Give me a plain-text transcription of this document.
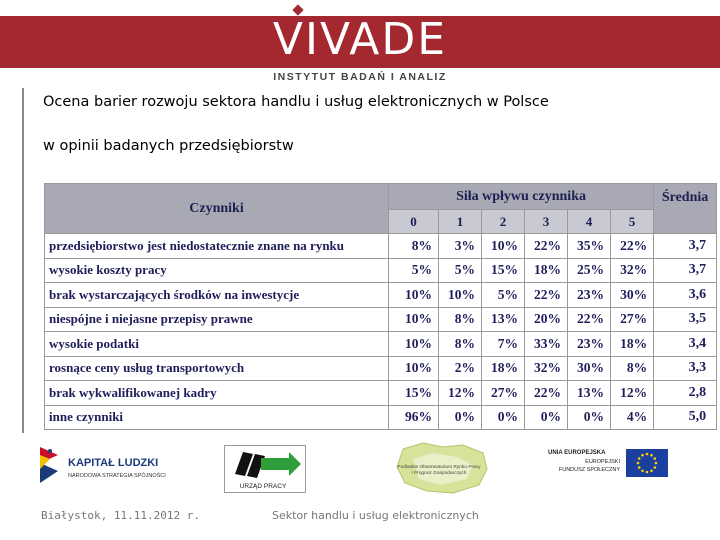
VIVADE
INSTYTUT BADAŃ I ANALIZ
Ocena barier rozwoju sektora handlu i usług elektronicznych w Polsce
w opinii badanych przedsiębiorstw
Czynniki	Siła wpływu czynnika						Średnia
	0	1	2	3	4	5	
przedsiębiorstwo jest niedostatecznie znane na rynku	8%	3%	10%	22%	35%	22%	3,7
wysokie koszty pracy	5%	5%	15%	18%	25%	32%	3,7
brak wystarczających środków na inwestycje	10%	10%	5%	22%	23%	30%	3,6
niespójne i niejasne przepisy prawne	10%	8%	13%	20%	22%	27%	3,5
wysokie podatki	10%	8%	7%	33%	23%	18%	3,4
rosnące ceny usług transportowych	10%	2%	18%	32%	30%	8%	3,3
brak wykwalifikowanej kadry	15%	12%	27%	22%	13%	12%	2,8
inne czynniki	96%	0%	0%	0%	0%	4%	5,0
KAPITAŁ LUDZKI
NARODOWA STRATEGIA SPÓJNOŚCI
URZĄD PRACY
Podlaskie Obserwatorium Rynku Pracy i Prognoz Gospodarczych
UNIA EUROPEJSKA
EUROPEJSKI
FUNDUSZ SPOŁECZNY
Białystok, 11.11.2012 r.	Sektor handlu i usług elektronicznych
